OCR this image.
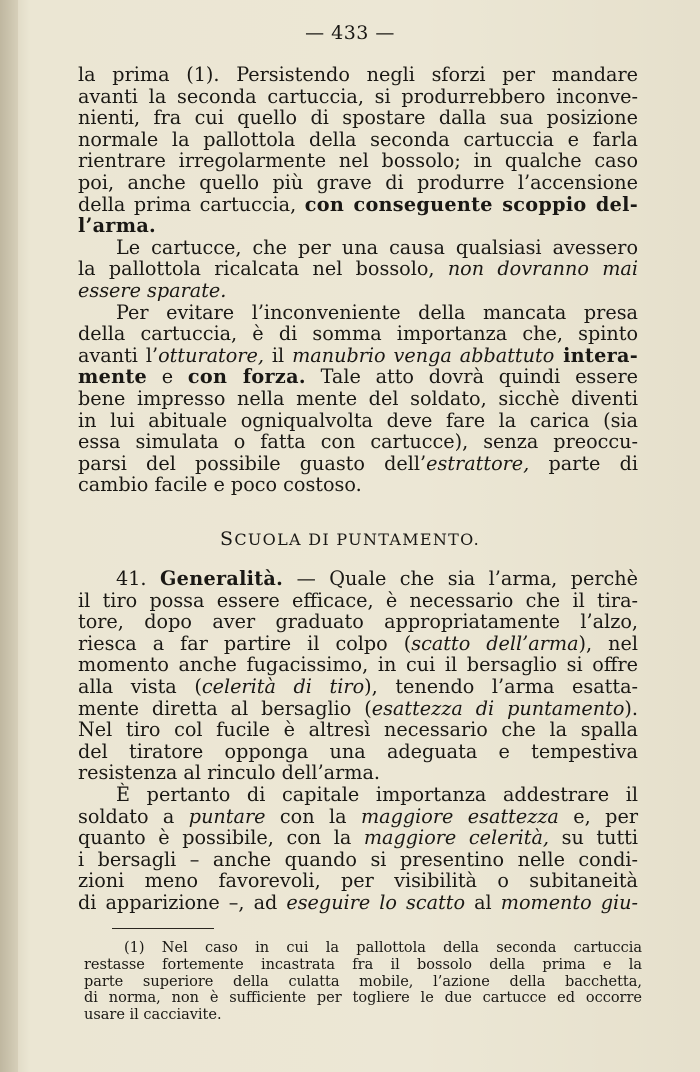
— 433 —
la prima (1). Persistendo negli sforzi per mandare
avanti la seconda cartuccia, si produrrebbero inconve-
nienti, fra cui quello di spostare dalla sua posizione
normale la pallottola della seconda cartuccia e farla
rientrare irregolarmente nel bossolo; in qualche caso
poi, anche quello più grave di produrre l’accensione
della prima cartuccia, con conseguente scoppio del-
l’arma.
Le cartucce, che per una causa qualsiasi avessero
la pallottola ricalcata nel bossolo, non dovranno mai
essere sparate.
Per evitare l’inconveniente della mancata presa
della cartuccia, è di somma importanza che, spinto
avanti l’otturatore, il manubrio venga abbattuto intera-
mente e con forza. Tale atto dovrà quindi essere
bene impresso nella mente del soldato, sicchè diventi
in lui abituale ogniqualvolta deve fare la carica (sia
essa simulata o fatta con cartucce), senza preoccu-
parsi del possibile guasto dell’estrattore, parte di
cambio facile e poco costoso.
SCUOLA DI PUNTAMENTO.
41. Generalità. — Quale che sia l’arma, perchè
il tiro possa essere efficace, è necessario che il tira-
tore, dopo aver graduato appropriatamente l’alzo,
riesca a far partire il colpo (scatto dell’arma), nel
momento anche fugacissimo, in cui il bersaglio si offre
alla vista (celerità di tiro), tenendo l’arma esatta-
mente diretta al bersaglio (esattezza di puntamento).
Nel tiro col fucile è altresì necessario che la spalla
del tiratore opponga una adeguata e tempestiva
resistenza al rinculo dell’arma.
È pertanto di capitale importanza addestrare il
soldato a puntare con la maggiore esattezza e, per
quanto è possibile, con la maggiore celerità, su tutti
i bersagli – anche quando si presentino nelle condi-
zioni meno favorevoli, per visibilità o subitaneità
di apparizione –, ad eseguire lo scatto al momento giu-
(1) Nel caso in cui la pallottola della seconda cartuccia
restasse fortemente incastrata fra il bossolo della prima e la
parte superiore della culatta mobile, l’azione della bacchetta,
di norma, non è sufficiente per togliere le due cartucce ed occorre
usare il cacciavite.
